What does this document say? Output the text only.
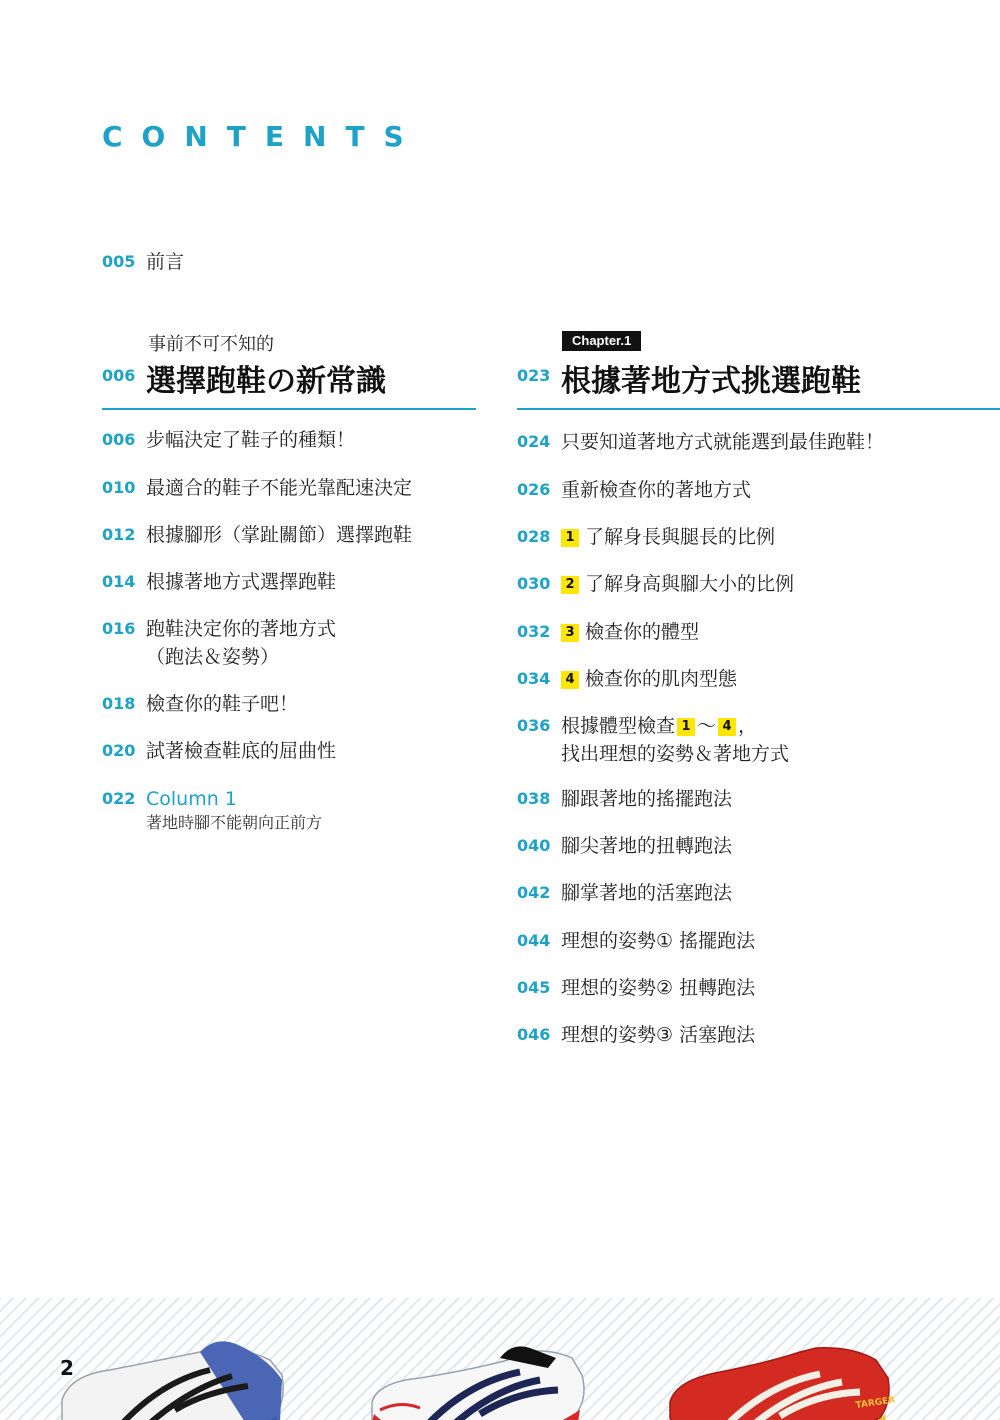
CONTENTS
005 前言
事前不可不知的
006 選擇跑鞋の新常識
Chapter.1
023 根據著地方式挑選跑鞋
006 步幅決定了鞋子的種類！
010 最適合的鞋子不能光靠配速決定
012 根據腳形（掌趾關節）選擇跑鞋
014 根據著地方式選擇跑鞋
016 跑鞋決定你的著地方式
（跑法＆姿勢）
018 檢查你的鞋子吧！
020 試著檢查鞋底的屈曲性
022 Column 1
著地時腳不能朝向正前方
024 只要知道著地方式就能選到最佳跑鞋！
026 重新檢查你的著地方式
028	1 了解身長與腿長的比例
030	2 了解身高與腳大小的比例
032	3 檢查你的體型
034	4 檢查你的肌肉型態
036 根據體型檢查 1 ～ 4 ，
找出理想的姿勢＆著地方式
038 腳跟著地的搖擺跑法
040 腳尖著地的扭轉跑法
042 腳掌著地的活塞跑法
044 理想的姿勢① 搖擺跑法
045 理想的姿勢② 扭轉跑法
046 理想的姿勢③ 活塞跑法
TARGER
2
